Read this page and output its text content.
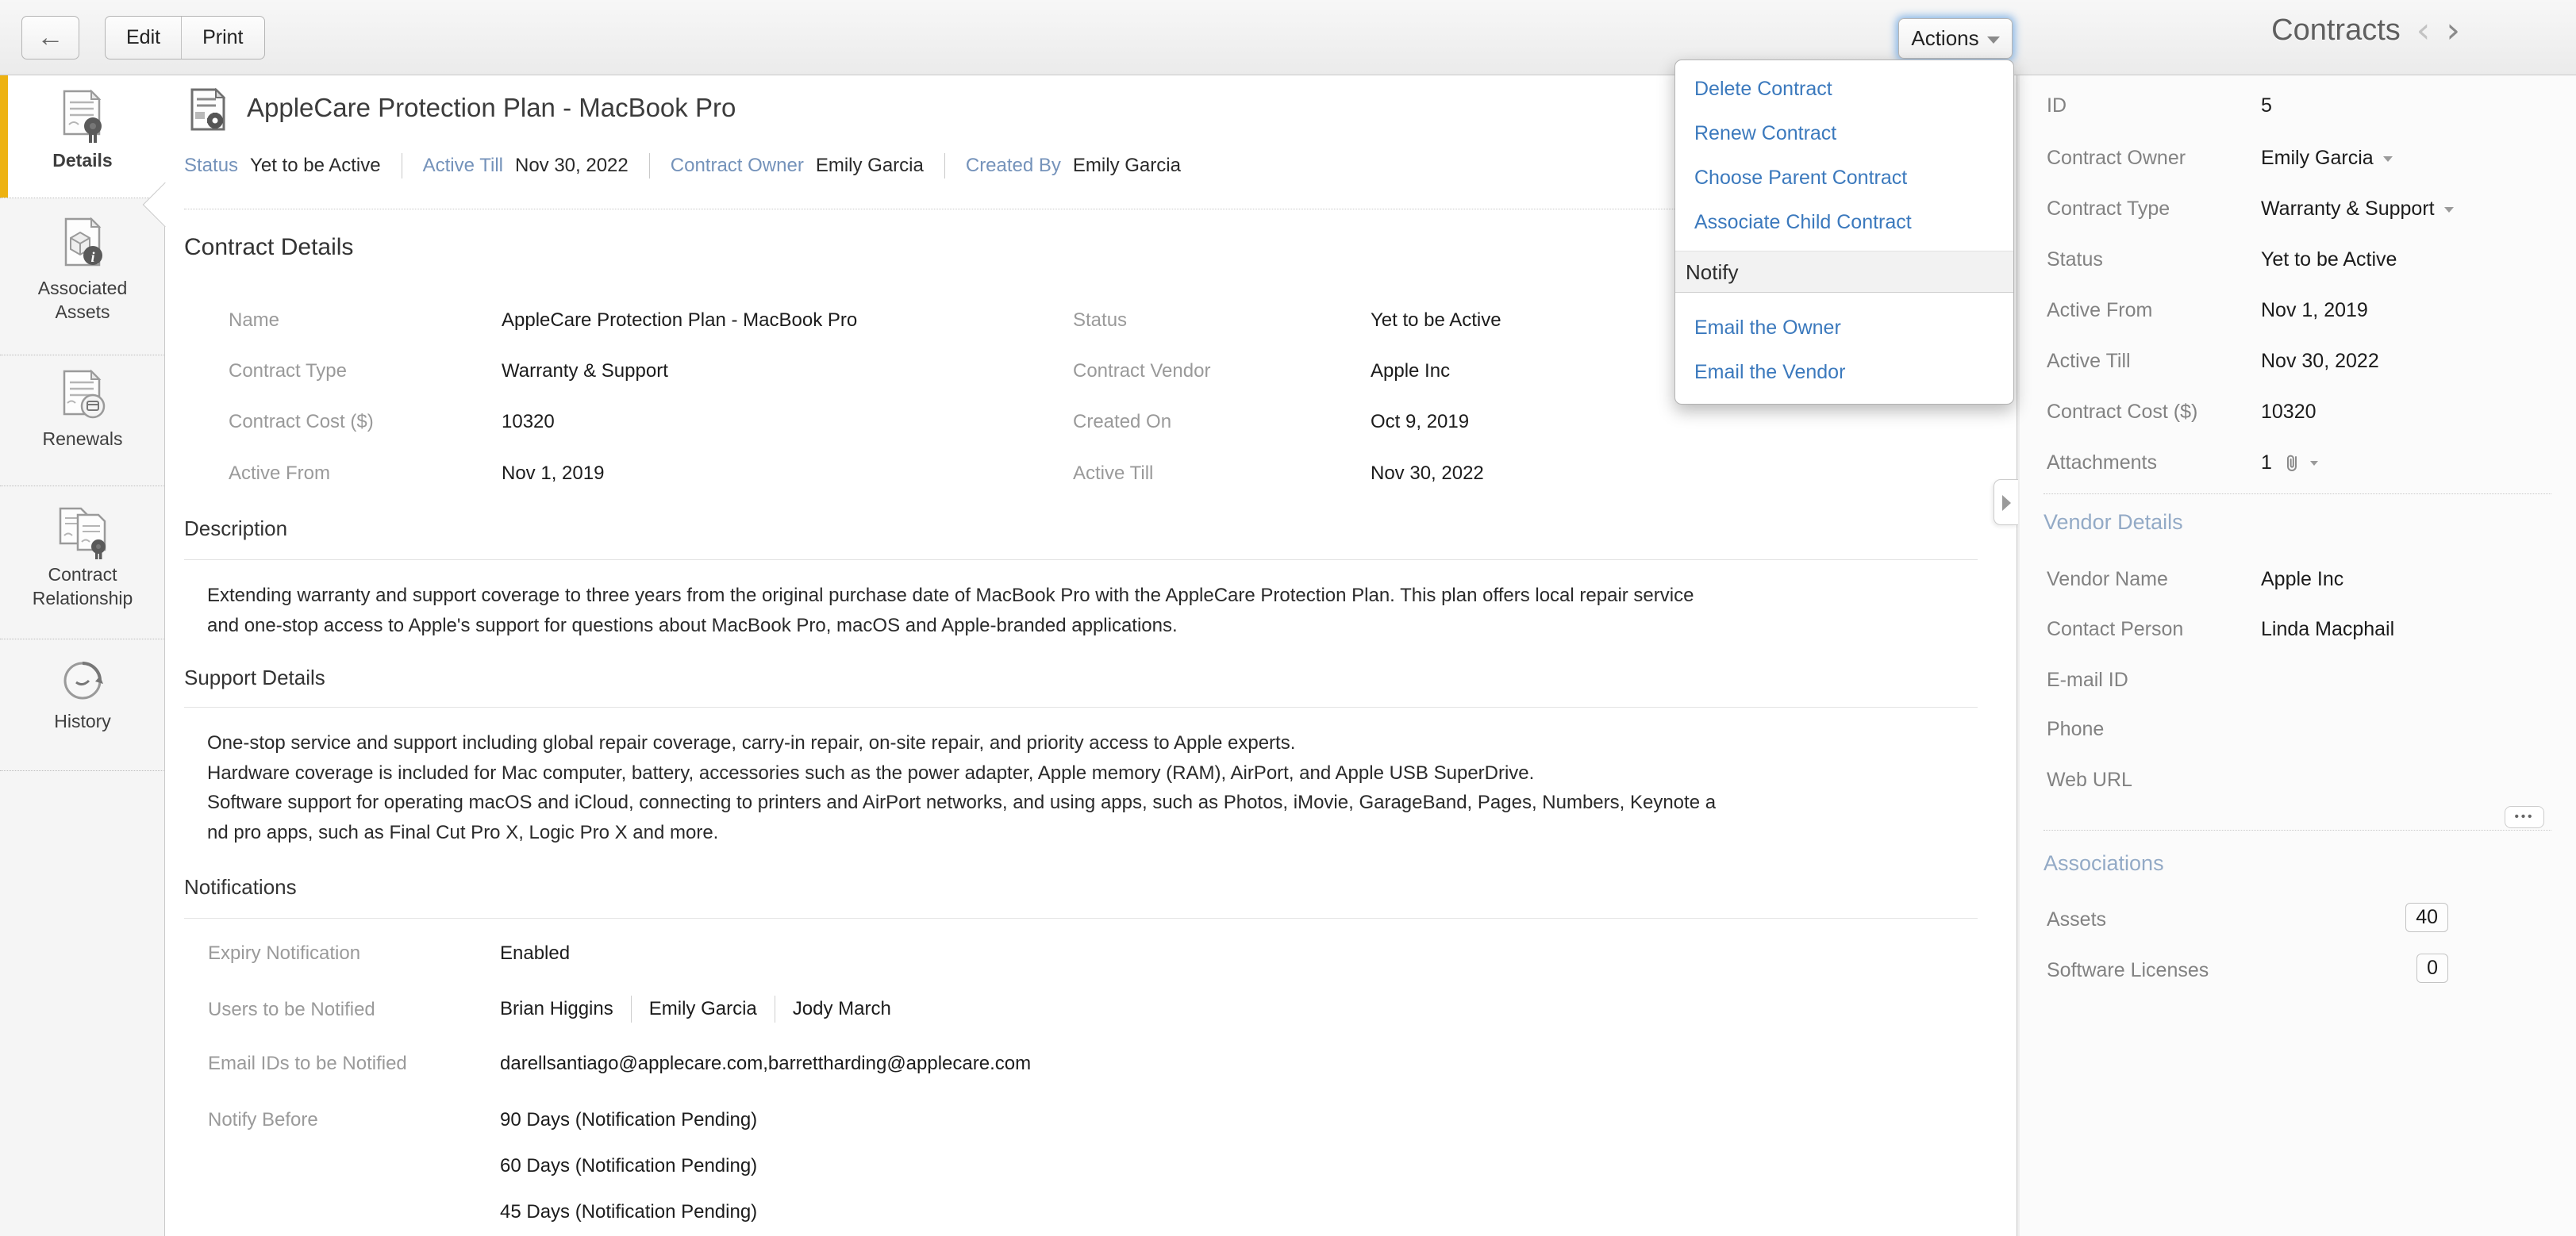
←	Edit	Print	Actions	Contracts ‹ ›
Details
i
Associated
Assets
Renewals
Contract
Relationship
History
AppleCare Protection Plan - MacBook Pro
Status Yet to be Active Active Till Nov 30, 2022 Contract Owner Emily Garcia Created By Emily Garcia
Contract Details
Name	AppleCare Protection Plan - MacBook Pro	Status	Yet to be Active
Contract Type	Warranty & Support	Contract Vendor	Apple Inc
Contract Cost ($)	10320	Created On	Oct 9, 2019
Active From	Nov 1, 2019	Active Till	Nov 30, 2022
Description
Extending warranty and support coverage to three years from the original purchase date of MacBook Pro with the AppleCare Protection Plan. This plan offers local repair service
and one-stop access to Apple's support for questions about MacBook Pro, macOS and Apple-branded applications.
Support Details
One-stop service and support including global repair coverage, carry-in repair, on-site repair, and priority access to Apple experts.
Hardware coverage is included for Mac computer, battery, accessories such as the power adapter, Apple memory (RAM), AirPort, and Apple USB SuperDrive.
Software support for operating macOS and iCloud, connecting to printers and AirPort networks, and using apps, such as Photos, iMovie, GarageBand, Pages, Numbers, Keynote a
nd pro apps, such as Final Cut Pro X, Logic Pro X and more.
Notifications
Expiry Notification	Enabled
Users to be Notified	Brian Higgins Emily Garcia Jody March
Email IDs to be Notified	darellsantiago@applecare.com,barrettharding@applecare.com
Notify Before	90 Days (Notification Pending)
60 Days (Notification Pending)
45 Days (Notification Pending)
ID	5
Contract Owner	Emily Garcia
Contract Type	Warranty & Support
Status	Yet to be Active
Active From	Nov 1, 2019
Active Till	Nov 30, 2022
Contract Cost ($)	10320
Attachments	1
Vendor Details
Vendor Name	Apple Inc
Contact Person	Linda Macphail
E-mail ID
Phone
Web URL
•••
Associations
Assets	40
Software Licenses	0
Delete Contract
Renew Contract
Choose Parent Contract
Associate Child Contract
Notify
Email the Owner
Email the Vendor
